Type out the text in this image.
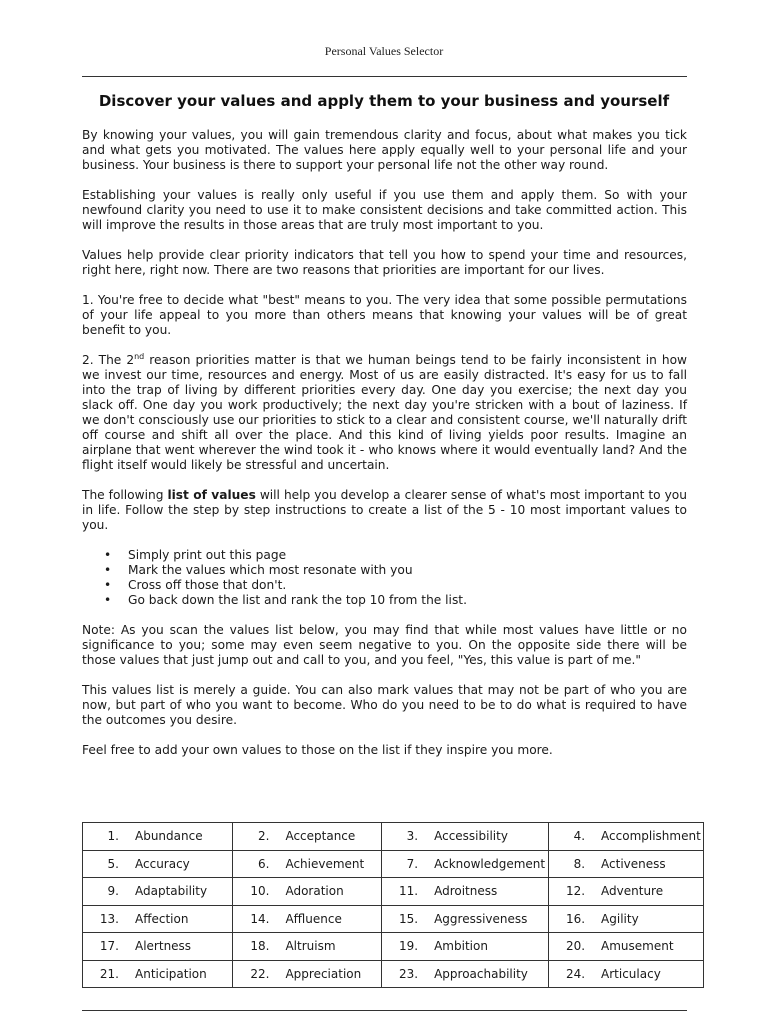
Personal Values Selector
Discover your values and apply them to your business and yourself

By knowing your values, you will gain tremendous clarity and focus, about what makes you tick and what gets you motivated. The values here apply equally well to your personal life and your business. Your business is there to support your personal life not the other way round.

Establishing your values is really only useful if you use them and apply them. So with your newfound clarity you need to use it to make consistent decisions and take committed action. This will improve the results in those areas that are truly most important to you.

Values help provide clear priority indicators that tell you how to spend your time and resources, right here, right now. There are two reasons that priorities are important for our lives.

1. You're free to decide what "best" means to you. The very idea that some possible permutations of your life appeal to you more than others means that knowing your values will be of great benefit to you.

2. The 2nd reason priorities matter is that we human beings tend to be fairly inconsistent in how we invest our time, resources and energy. Most of us are easily distracted. It's easy for us to fall into the trap of living by different priorities every day. One day you exercise; the next day you slack off. One day you work productively; the next day you're stricken with a bout of laziness. If we don't consciously use our priorities to stick to a clear and consistent course, we'll naturally drift off course and shift all over the place. And this kind of living yields poor results. Imagine an airplane that went wherever the wind took it - who knows where it would eventually land? And the flight itself would likely be stressful and uncertain.

The following list of values will help you develop a clearer sense of what's most important to you in life. Follow the step by step instructions to create a list of the 5 - 10 most important values to you.

• Simply print out this page
• Mark the values which most resonate with you
• Cross off those that don't.
• Go back down the list and rank the top 10 from the list.

Note: As you scan the values list below, you may find that while most values have little or no significance to you; some may even seem negative to you. On the opposite side there will be those values that just jump out and call to you, and you feel, "Yes, this value is part of me."

This values list is merely a guide. You can also mark values that may not be part of who you are now, but part of who you want to become. Who do you need to be to do what is required to have the outcomes you desire.

Feel free to add your own values to those on the list if they inspire you more.

1. Abundance	2. Acceptance	3. Accessibility	4. Accomplishment

5. Accuracy	6. Achievement	7. Acknowledgement	8. Activeness

9. Adaptability	10. Adoration	11. Adroitness	12. Adventure

13. Affection	14. Affluence	15. Aggressiveness	16. Agility

17. Alertness	18. Altruism	19. Ambition	20. Amusement

21. Anticipation	22. Appreciation	23. Approachability	24. Articulacy
